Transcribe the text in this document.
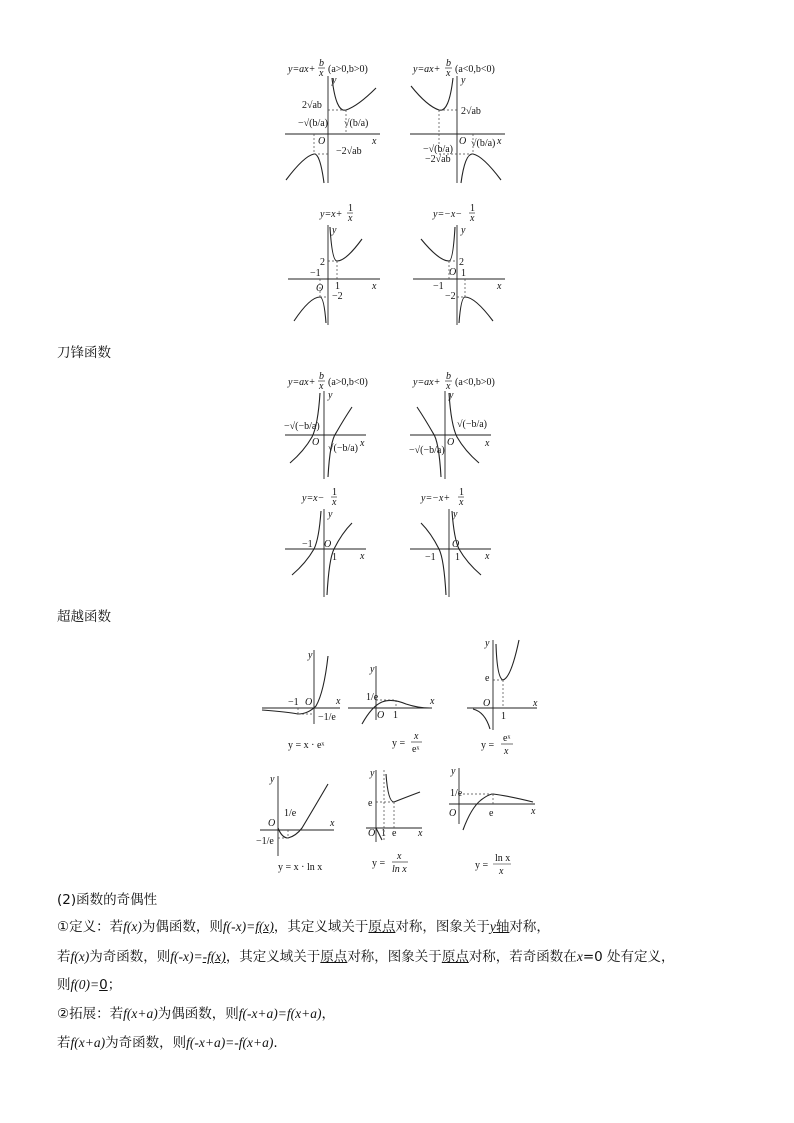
y=ax+
b
x (a>0,b>0)
y
O	x
2√ab
−√(b/a) √(b/a)
−2√ab
y=ax+
b
x (a<0,b<0)
y
O	x
2√ab
−√(b/a)
√(b/a)
−2√ab
y=x+
1
x
y
O	x
2
−1
1
−2
y=−x−
1
x
y
O
x
2
−1
1
−2
刀锋函数
y=ax+
b
x (a>0,b<0)
y
O	x
−√(−b/a)
√(−b/a)
y=ax+
b
x (a<0,b>0)
y
O	x
−√(−b/a)
√(−b/a)
y=x−
1
x
y
O
x
−1
1
y=−x+
1
x
y
O
x
−1 1
超越函数
y
O x
−1
−1/e
y = x · eˣ
y
O
x
1/e
1
y =
x
eˣ
y
O	x
e
1
y =
eˣ
x
y
O	x
1/e
−1/e
y = x · ln x
y
O	x
e
1 e
y =
x
ln x
y
O	x
1/e
e
y =
ln x
x
(2)函数的奇偶性
①定义：若f(x)为偶函数，则f(-x)=f(x)，其定义域关于原点对称，图象关于y轴对称，
若f(x)为奇函数，则f(-x)=-f(x)，其定义域关于原点对称，图象关于原点对称，若奇函数在x=0 处有定义，
则f(0)=0；
②拓展：若f(x+a)为偶函数，则f(-x+a)=f(x+a)，
若f(x+a)为奇函数，则f(-x+a)=-f(x+a).
